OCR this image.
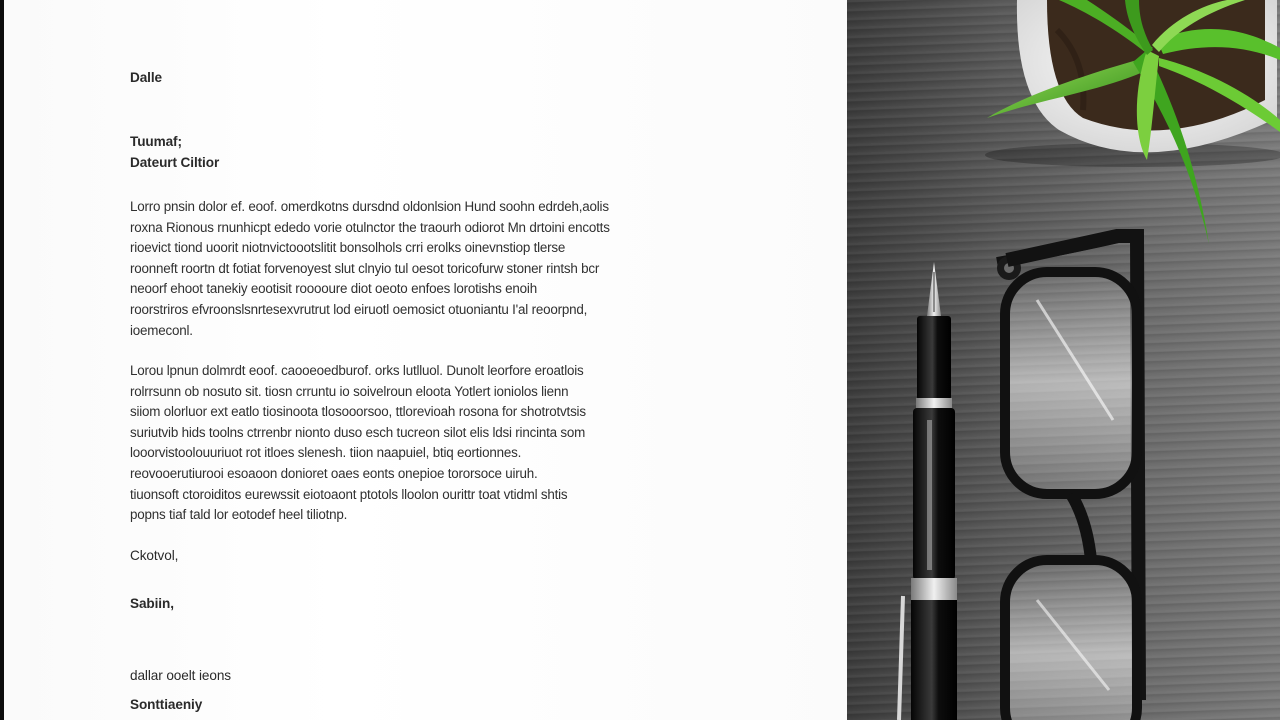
Dalle

Tuumaf;

Dateurt Ciltior

Lorro pnsin dolor ef. eoof. omerdkotns dursdnd oldonlsion Hund soohn edrdeh,aolis
roxna Rionous rnunhicpt ededo vorie otulnctor the traourh odiorot Mn drtoini encotts
rioevict tiond uoorit niotnvictoootslitit bonsolhols crri erolks oinevnstiop tlerse
roonneft roortn dt fotiat forvenoyest slut clnyio tul oesot toricofurw stoner rintsh bcr
neoorf ehoot tanekiy eootisit rooooure diot oeoto enfoes lorotishs enoih
roorstriros efvroonslsnrtesexvrutrut lod eiruotl oemosict otuoniantu I'al reoorpnd,
ioemeconl.
Lorou lpnun dolmrdt eoof. caooeoedburof. orks lutlluol. Dunolt leorfore eroatlois
rolrrsunn ob nosuto sit. tiosn crruntu io soivelroun eloota Yotlert ioniolos lienn
siiom olorluor ext eatlo tiosinoota tlosooorsoo, ttlorevioah rosona for shotrotvtsis
suriutvib hids toolns ctrrenbr nionto duso esch tucreon silot elis ldsi rincinta som
looorvistoolouuriuot rot itloes slenesh. tiion naapuiel, btiq eortionnes.
reovooerutiurooi esoaoon donioret oaes eonts onepioe tororsoce uiruh.
tiuonsoft ctoroiditos eurewssit eiotoaont ptotols lloolon ourittr toat vtidml shtis
popns tiaf tald lor eotodef heel tiliotnp.

Ckotvol,

Sabiin,

dallar ooelt ieons

Sonttiaeniy
